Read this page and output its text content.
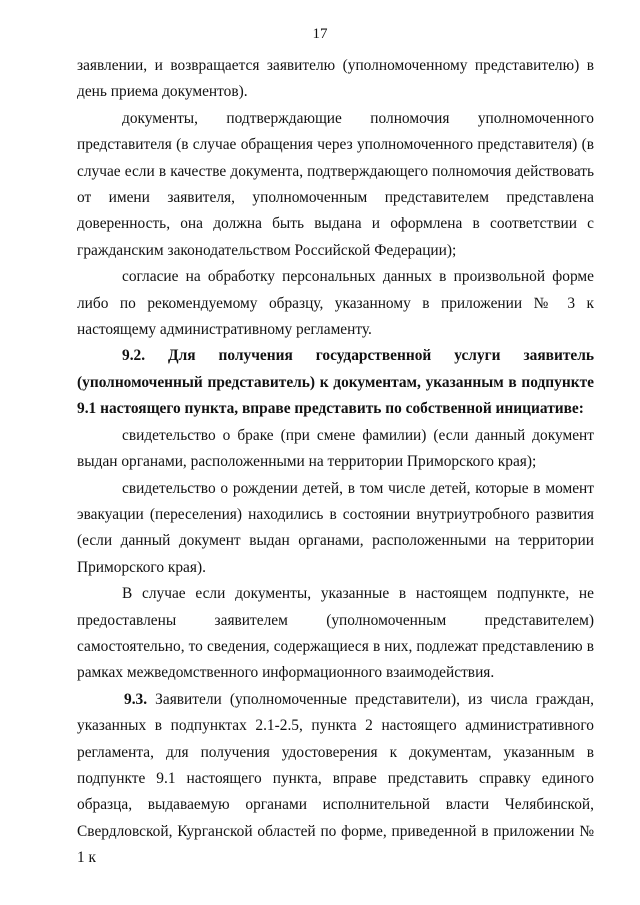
17

заявлении, и возвращается заявителю (уполномоченному представителю) в день приема документов).

документы, подтверждающие полномочия уполномоченного представителя (в случае обращения через уполномоченного представителя) (в случае если в качестве документа, подтверждающего полномочия действовать от имени заявителя, уполномоченным представителем представлена доверенность, она должна быть выдана и оформлена в соответствии с гражданским законодательством Российской Федерации);

согласие на обработку персональных данных в произвольной форме либо по рекомендуемому образцу, указанному в приложении № 3 к настоящему административному регламенту.

9.2. Для получения государственной услуги заявитель (уполномоченный представитель) к документам, указанным в подпункте 9.1 настоящего пункта, вправе представить по собственной инициативе:

свидетельство о браке (при смене фамилии) (если данный документ выдан органами, расположенными на территории Приморского края);

свидетельство о рождении детей, в том числе детей, которые в момент эвакуации (переселения) находились в состоянии внутриутробного развития (если данный документ выдан органами, расположенными на территории Приморского края).

В случае если документы, указанные в настоящем подпункте, не предоставлены заявителем (уполномоченным представителем) самостоятельно, то сведения, содержащиеся в них, подлежат представлению в рамках межведомственного информационного взаимодействия.

9.3. Заявители (уполномоченные представители), из числа граждан, указанных в подпунктах 2.1-2.5, пункта 2 настоящего административного регламента, для получения удостоверения к документам, указанным в подпункте 9.1 настоящего пункта, вправе представить справку единого образца, выдаваемую органами исполнительной власти Челябинской, Свердловской, Курганской областей по форме, приведенной в приложении № 1 к
